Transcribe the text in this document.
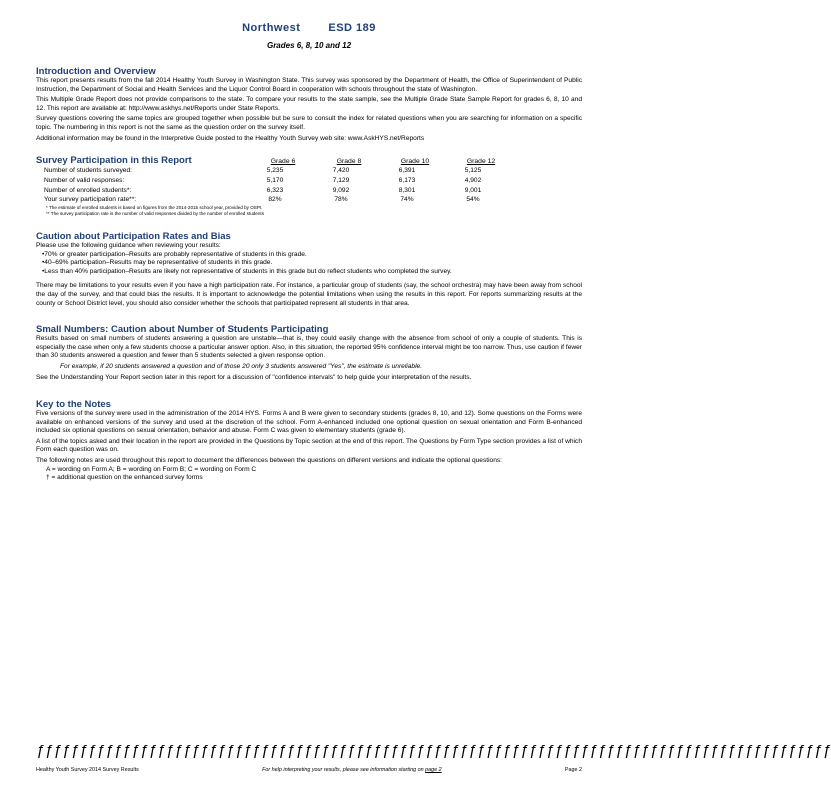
Northwest	ESD 189
Grades 6, 8, 10 and 12
Introduction and Overview

This report presents results from the fall 2014 Healthy Youth Survey in Washington State. This survey was sponsored by the Department of Health, the Office of Superintendent of Public Instruction, the Department of Social and Health Services and the Liquor Control Board in cooperation with schools throughout the state of Washington.

This Multiple Grade Report does not provide comparisons to the state. To compare your results to the state sample, see the Multiple Grade State Sample Report for grades 6, 8, 10 and 12. This report are available at: http://www.askhys.net/Reports under State Reports.

Survey questions covering the same topics are grouped together when possible but be sure to consult the index for related questions when you are searching for information on a specific topic. The numbering in this report is not the same as the question order on the survey itself.

Additional information may be found in the Interpretive Guide posted to the Healthy Youth Survey web site: www.AskHYS.net/Reports

Survey Participation in this Report	Grade 6	Grade 8	Grade 10	Grade 12
Number of students surveyed:	5,235	7,420	6,391	5,125
Number of valid responses:	5,170	7,129	6,173	4,902
Number of enrolled students*:	6,323	9,092	8,301	9,001
Your survey participation rate**:	82%	78%	74%	54%
* The estimate of enrolled students is based on figures from the 2014-2015 school year, provided by OSPI.
** The survey participation rate is the number of valid responses divided by the number of enrolled students
Caution about Participation Rates and Bias

Please use the following guidance when reviewing your results:

•70% or greater participation–Results are probably representative of students in this grade.

•40–69% participation–Results may be representative of students in this grade.

•Less than 40% participation–Results are likely not representative of students in this grade but do reflect students who completed the survey.

There may be limitations to your results even if you have a high participation rate. For instance, a particular group of students (say, the school orchestra) may have been away from school the day of the survey, and that could bias the results. It is important to acknowledge the potential limitations when using the results in this report. For reports summarizing results at the county or School District level, you should also consider whether the schools that participated represent all students in that area.

Small Numbers: Caution about Number of Students Participating

Results based on small numbers of students answering a question are unstable—that is, they could easily change with the absence from school of only a couple of students. This is especially the case when only a few students choose a particular answer option. Also, in this situation, the reported 95% confidence interval might be too narrow. Thus, use caution if fewer than 30 students answered a question and fewer than 5 students selected a given response option.

For example, if 20 students answered a question and of those 20 only 3 students answered "Yes", the estimate is unreliable.

See the Understanding Your Report section later in this report for a discussion of "confidence intervals" to help guide your interpretation of the results.

Key to the Notes

Five versions of the survey were used in the administration of the 2014 HYS. Forms A and B were given to secondary students (grades 8, 10, and 12). Some questions on the Forms were available on enhanced versions of the survey and used at the discretion of the school. Form A-enhanced included one optional question on sexual orientation and Form B-enhanced included six optional questions on sexual orientation, behavior and abuse. Form C was given to elementary students (grade 6).

A list of the topics asked and their location in the report are provided in the Questions by Topic section at the end of this report. The Questions by Form Type section provides a list of which Form each question was on.

The following notes are used throughout this report to document the differences between the questions on different versions and indicate the optional questions:

A = wording on Form A; B = wording on Form B; C = wording on Form C

† = additional question on the enhanced survey forms

ƒƒƒƒƒƒƒƒƒƒƒƒƒƒƒƒƒƒƒƒƒƒƒƒƒƒƒƒƒƒƒƒƒƒƒƒƒƒƒƒƒƒƒƒƒƒƒƒƒƒƒƒƒƒƒƒƒƒƒƒƒƒƒƒƒƒƒƒƒƒƒƒƒƒƒƒƒƒƒƒƒƒƒƒƒƒƒƒƒƒƒƒ
Healthy Youth Survey 2014 Survey Results	For help interpreting your results, please see information starting on page 2	Page 2
